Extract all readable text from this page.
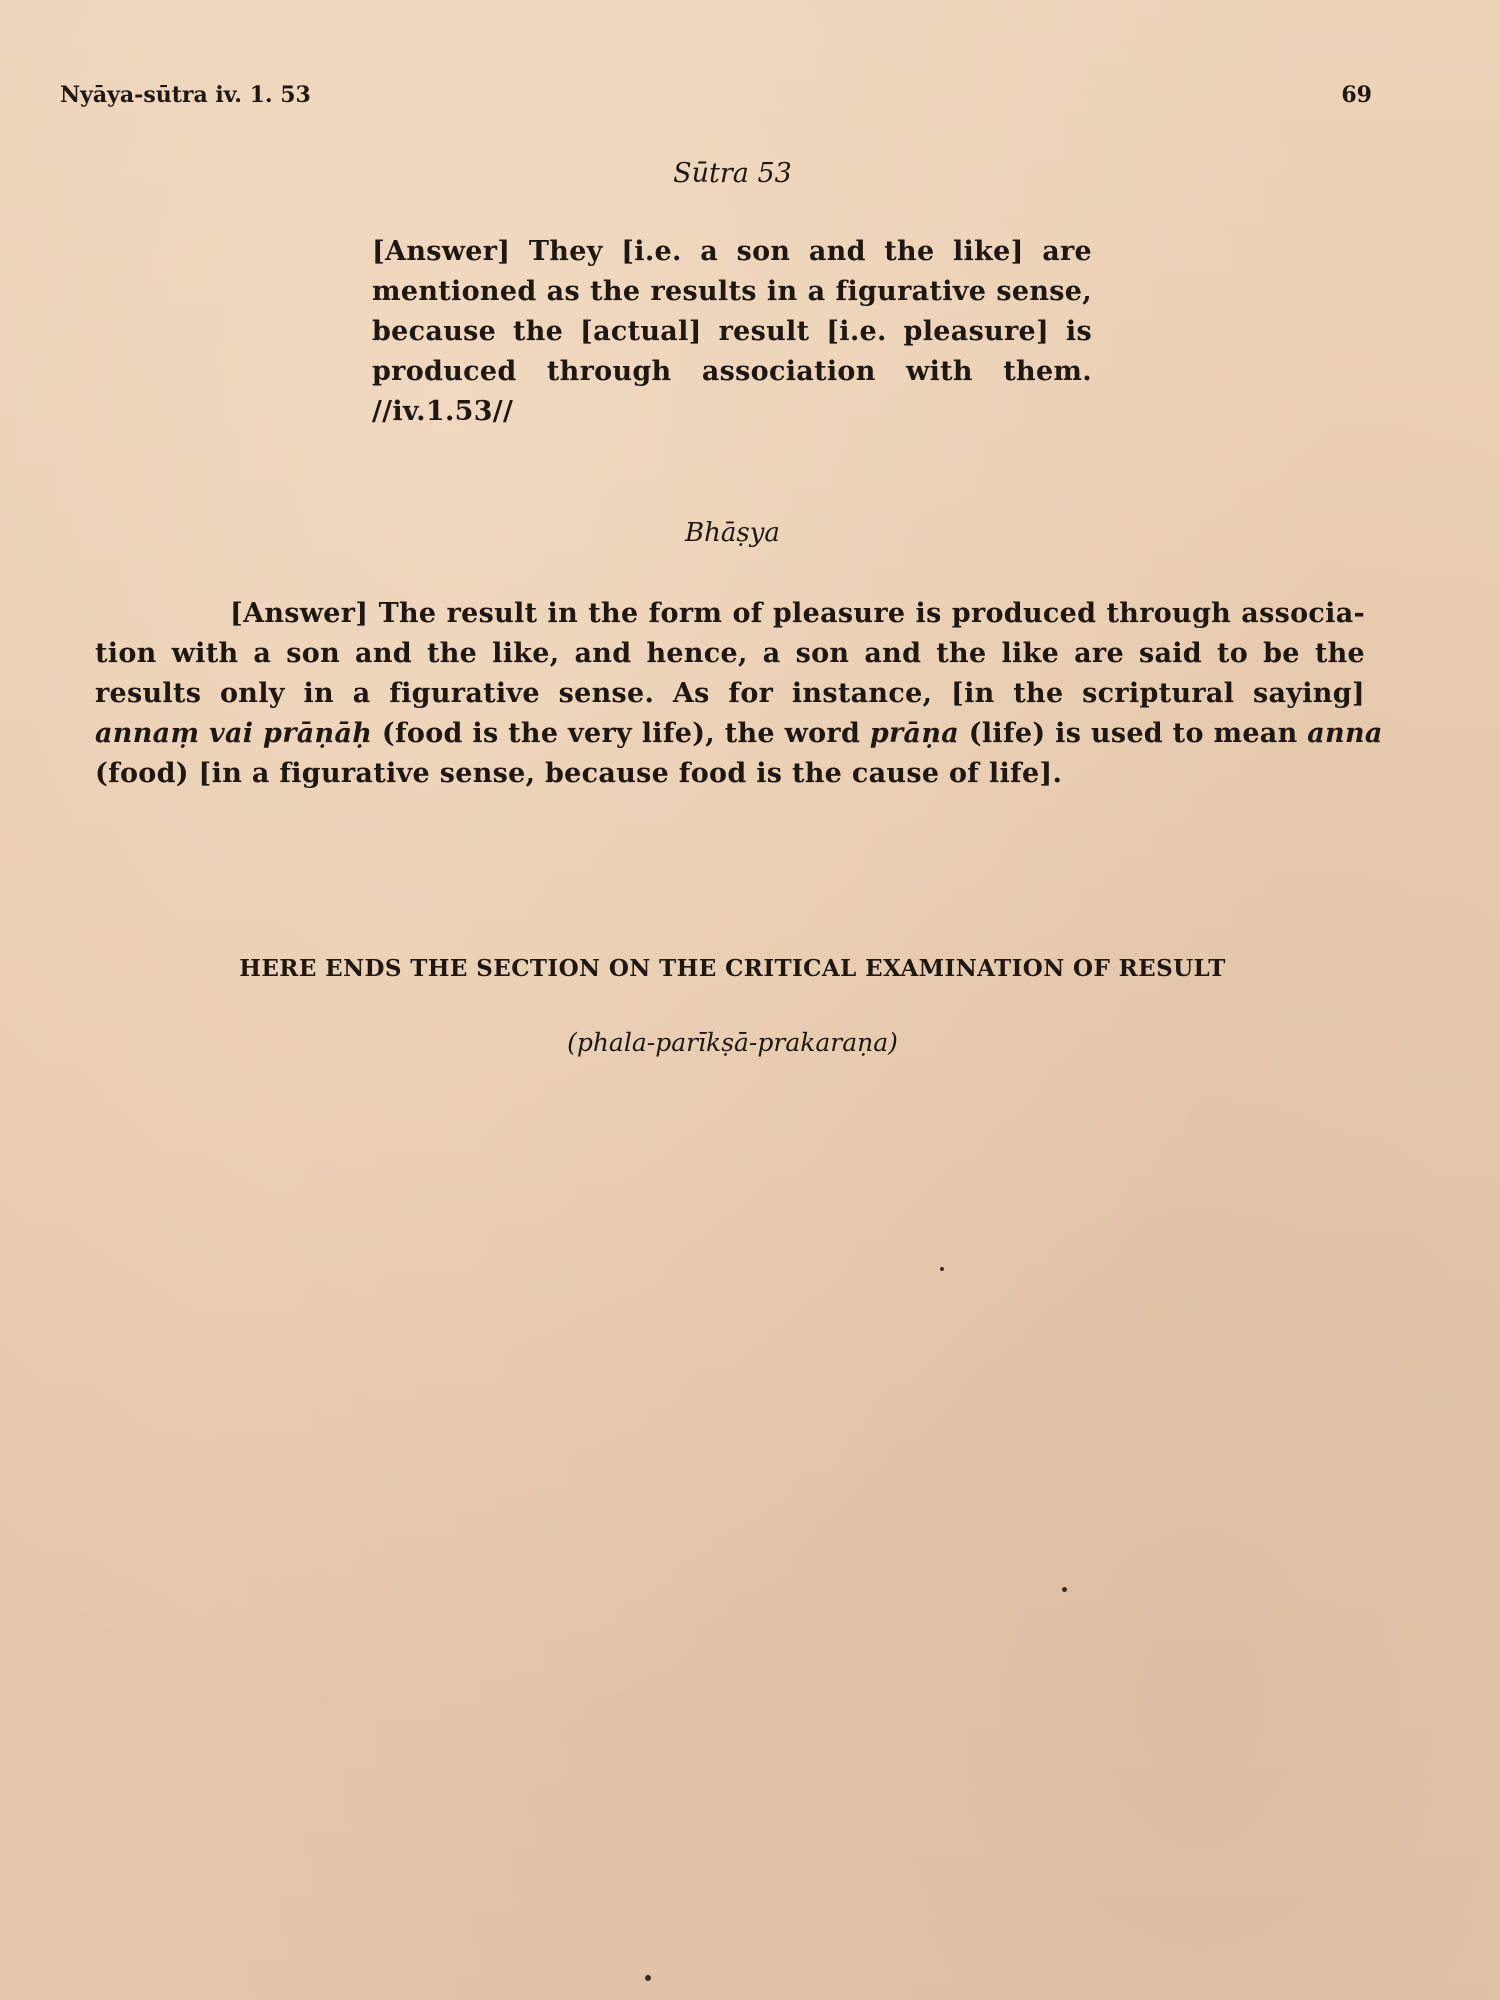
Nyāya-sūtra iv. 1. 53	69
Sūtra 53
[Answer] They [i.e. a son and the like] are
mentioned as the results in a figurative sense,
because the [actual] result [i.e. pleasure] is
produced through association with them.
//iv.1.53//
Bhāṣya
[Answer] The result in the form of pleasure is produced through associa-
tion with a son and the like, and hence, a son and the like are said to be the
results only in a figurative sense. As for instance, [in the scriptural saying]
annaṃ vai prāṇāḥ (food is the very life), the word prāṇa (life) is used to mean anna
(food) [in a figurative sense, because food is the cause of life].
HERE ENDS THE SECTION ON THE CRITICAL EXAMINATION OF RESULT
(phala-parīkṣā-prakaraṇa)
